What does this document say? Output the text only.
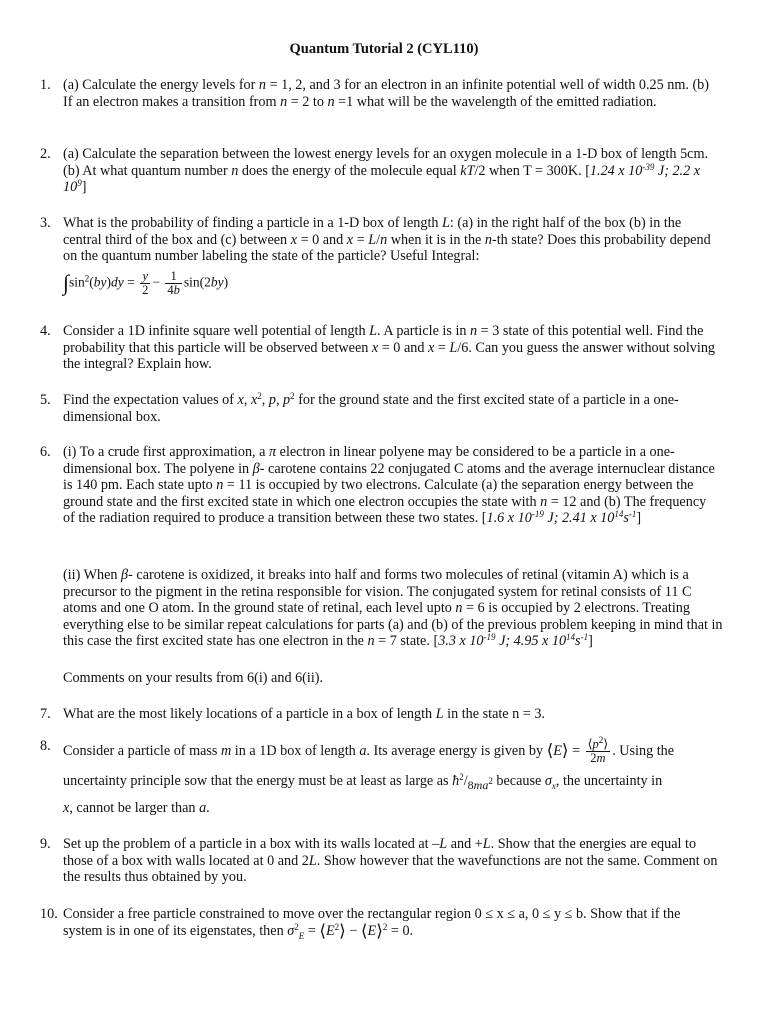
Quantum Tutorial 2 (CYL110)
1. (a) Calculate the energy levels for n = 1, 2, and 3 for an electron in an infinite potential well of width 0.25 nm. (b) If an electron makes a transition from n = 2 to n =1 what will be the wavelength of the emitted radiation.
2. (a) Calculate the separation between the lowest energy levels for an oxygen molecule in a 1-D box of length 5cm. (b) At what quantum number n does the energy of the molecule equal kT/2 when T = 300K. [1.24 x $10^{-39}$ J; 2.2 x $10^9$]
3. What is the probability of finding a particle in a 1-D box of length L: (a) in the right half of the box (b) in the central third of the box and (c) between x = 0 and x = L/n when it is in the n-th state? Does this probability depend on the quantum number labeling the state of the particle? Useful Integral:
$\int\sin^2(by)dy = \frac{y}{2} - \frac{1}{4b} \sin(2by)$
4. Consider a 1D infinite square well potential of length L. A particle is in n = 3 state of this potential well. Find the probability that this particle will be observed between x = 0 and x = L/6. Can you guess the answer without solving the integral? Explain how.
5. Find the expectation values of x, $x^2$, p, $p^2$ for the ground state and the first excited state of a particle in a one-dimensional box.
6. (i) To a crude first approximation, a π electron in linear polyene may be considered to be a particle in a one-dimensional box. The polyene in β- carotene contains 22 conjugated C atoms and the average internuclear distance is 140 pm. Each state upto n = 11 is occupied by two electrons. Calculate (a) the separation energy between the ground state and the first excited state in which one electron occupies the state with n = 12 and (b) The frequency of the radiation required to produce a transition between these two states. [1.6 x $10^{-19}$ J; 2.41 x $10^{14}s^{-1}$]
(ii) When β- carotene is oxidized, it breaks into half and forms two molecules of retinal (vitamin A) which is a precursor to the pigment in the retina responsible for vision. The conjugated system for retinal consists of 11 C atoms and one O atom. In the ground state of retinal, each level upto n = 6 is occupied by 2 electrons. Treating everything else to be similar repeat calculations for parts (a) and (b) of the previous problem keeping in mind that in this case the first excited state has one electron in the n = 7 state. [3.3 x $10^{-19}$ J; 4.95 x $10^{14}s^{-1}$]
Comments on your results from 6(i) and 6(ii).
7. What are the most likely locations of a particle in a box of length L in the state n = 3.
8. Consider a particle of mass m in a 1D box of length a. Its average energy is given by ⟨E⟩ = $\frac{⟨p^2⟩}{2m}$ . Using the
uncertainty principle sow that the energy must be at least as large as $ħ^2/_{8ma^2}$ because $\sigma_x$, the uncertainty in
x, cannot be larger than a.
9. Set up the problem of a particle in a box with its walls located at –L and +L. Show that the energies are equal to those of a box with walls located at 0 and 2L. Show however that the wavefunctions are not the same. Comment on the results thus obtained by you.
10. Consider a free particle constrained to move over the rectangular region 0 ≤ x ≤ a, 0 ≤ y ≤ b. Show that if the system is in one of its eigenstates, then $\sigma^2_E$ = $⟨E^2⟩$ − ⟨E⟩$^2$ = 0.
